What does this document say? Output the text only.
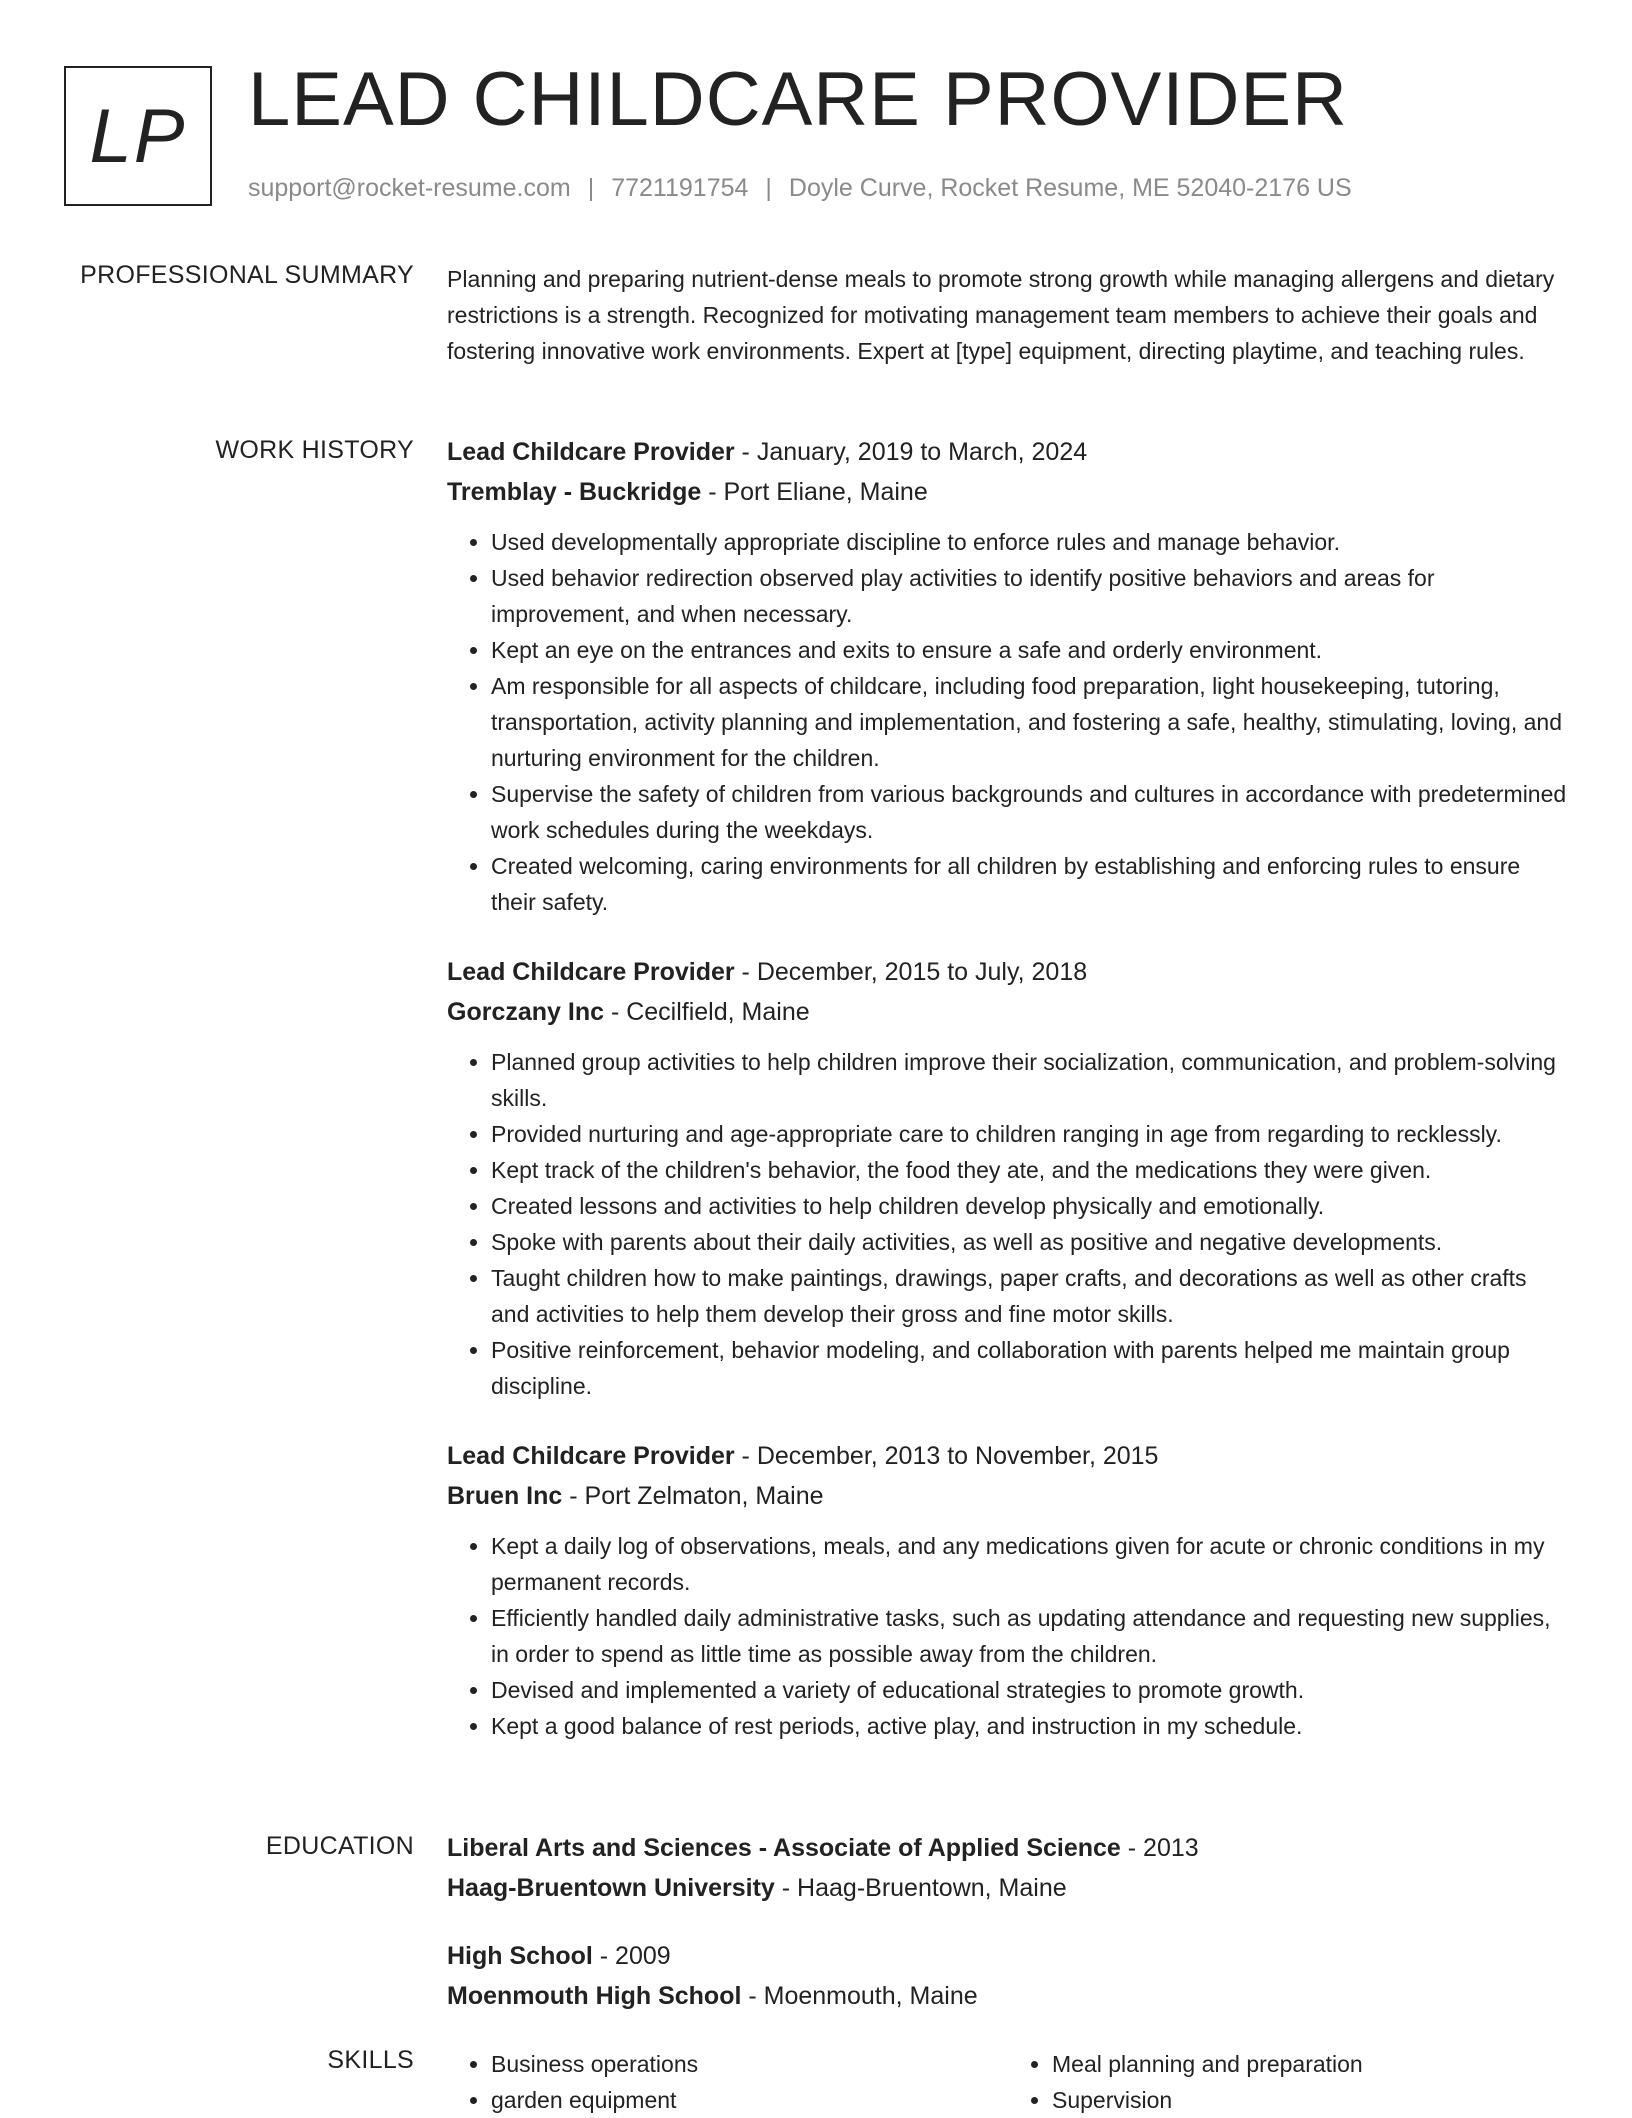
LP LEAD CHILDCARE PROVIDER
support@rocket-resume.com | 7721191754 | Doyle Curve, Rocket Resume, ME 52040-2176 US
PROFESSIONAL SUMMARY Planning and preparing nutrient-dense meals to promote strong growth while managing allergens and dietary restrictions is a strength. Recognized for motivating management team members to achieve their goals and fostering innovative work environments. Expert at [type] equipment, directing playtime, and teaching rules.

WORK HISTORY Lead Childcare Provider - January, 2019 to March, 2024
Tremblay - Buckridge - Port Eliane, Maine
• Used developmentally appropriate discipline to enforce rules and manage behavior.
• Used behavior redirection observed play activities to identify positive behaviors and areas for improvement, and when necessary.
• Kept an eye on the entrances and exits to ensure a safe and orderly environment.
• Am responsible for all aspects of childcare, including food preparation, light housekeeping, tutoring, transportation, activity planning and implementation, and fostering a safe, healthy, stimulating, loving, and nurturing environment for the children.
• Supervise the safety of children from various backgrounds and cultures in accordance with predetermined work schedules during the weekdays.
• Created welcoming, caring environments for all children by establishing and enforcing rules to ensure their safety.
Lead Childcare Provider - December, 2015 to July, 2018
Gorczany Inc - Cecilfield, Maine
• Planned group activities to help children improve their socialization, communication, and problem-solving skills.
• Provided nurturing and age-appropriate care to children ranging in age from regarding to recklessly.
• Kept track of the children's behavior, the food they ate, and the medications they were given.
• Created lessons and activities to help children develop physically and emotionally.
• Spoke with parents about their daily activities, as well as positive and negative developments.
• Taught children how to make paintings, drawings, paper crafts, and decorations as well as other crafts and activities to help them develop their gross and fine motor skills.
• Positive reinforcement, behavior modeling, and collaboration with parents helped me maintain group discipline.
Lead Childcare Provider - December, 2013 to November, 2015
Bruen Inc - Port Zelmaton, Maine
• Kept a daily log of observations, meals, and any medications given for acute or chronic conditions in my permanent records.
• Efficiently handled daily administrative tasks, such as updating attendance and requesting new supplies, in order to spend as little time as possible away from the children.
• Devised and implemented a variety of educational strategies to promote growth.
• Kept a good balance of rest periods, active play, and instruction in my schedule.
EDUCATION Liberal Arts and Sciences - Associate of Applied Science - 2013
Haag-Bruentown University - Haag-Bruentown, Maine
High School - 2009
Moenmouth High School - Moenmouth, Maine
SKILLS
•	Business operations
• garden equipment
• Meal planning and preparation
• Supervision
